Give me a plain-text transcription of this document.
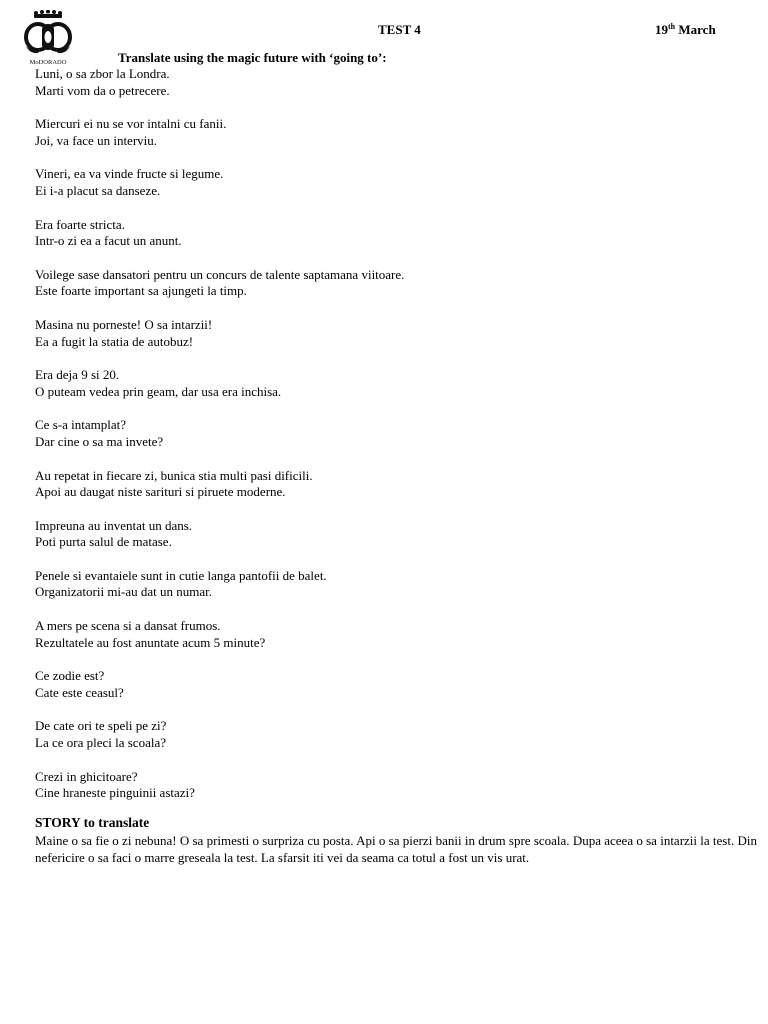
MoDORADO
TEST 4	19th March
Translate using the magic future with ‘going to’:
Luni, o sa zbor la Londra.
Marti vom da o petrecere.
Miercuri ei nu se vor intalni cu fanii.
Joi, va face un interviu.
Vineri, ea va vinde fructe si legume.
Ei i-a placut sa danseze.
Era foarte stricta.
Intr-o zi ea a facut un anunt.
Voilege sase dansatori pentru un concurs de talente saptamana viitoare.
Este foarte important sa ajungeti la timp.
Masina nu porneste! O sa intarzii!
Ea a fugit la statia de autobuz!
Era deja 9 si 20.
O puteam vedea prin geam, dar usa era inchisa.
Ce s-a intamplat?
Dar cine o sa ma invete?
Au repetat in fiecare zi, bunica stia multi pasi dificili.
Apoi au daugat niste sarituri si piruete moderne.
Impreuna au inventat un dans.
Poti purta salul de matase.
Penele si evantaiele sunt in cutie langa pantofii de balet.
Organizatorii mi-au dat un numar.
A mers pe scena si a dansat frumos.
Rezultatele au fost anuntate acum 5 minute?
Ce zodie est?
Cate este ceasul?
De cate ori te speli pe zi?
La ce ora pleci la scoala?
Crezi in ghicitoare?
Cine hraneste pinguinii astazi?
STORY to translate
Maine o sa fie o zi nebuna! O sa primesti o surpriza cu posta. Api o sa pierzi banii in drum spre scoala. Dupa aceea o sa intarzii la test. Din nefericire o sa faci o marre greseala la test. La sfarsit iti vei da seama ca totul a fost un vis urat.
